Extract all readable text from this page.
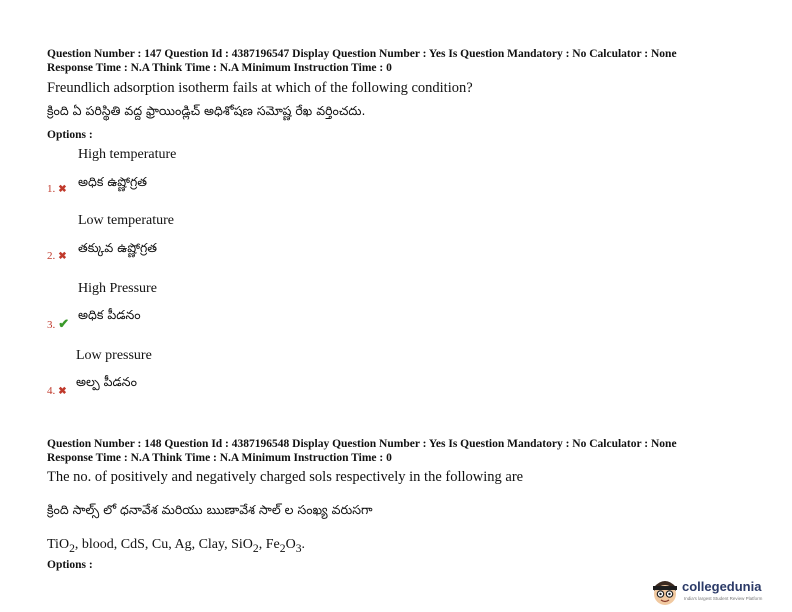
Question Number : 147 Question Id : 4387196547 Display Question Number : Yes Is Question Mandatory : No Calculator : None
Response Time : N.A Think Time : N.A Minimum Instruction Time : 0
Freundlich adsorption isotherm fails at which of the following condition?
క్రింది ఏ పరిస్థితి వద్ద ఫ్రాయిండ్లిచ్ అధిశోషణ సమోష్ణ రేఖ వర్తించదు.
Options :
High temperature
అధిక ఉష్ణోగ్రత
1. ✖
Low temperature
తక్కువ ఉష్ణోగ్రత
2. ✖
High Pressure
అధిక పీడనం
3. ✔
Low pressure
అల్ప పీడనం
4. ✖
Question Number : 148 Question Id : 4387196548 Display Question Number : Yes Is Question Mandatory : No Calculator : None
Response Time : N.A Think Time : N.A Minimum Instruction Time : 0
The no. of positively and negatively charged sols respectively in the following are
క్రింది సాల్స్ లో ధనావేశ మరియు ఋణావేశ సాల్ ల సంఖ్య వరుసగా
TiO$_2$, blood, CdS, Cu, Ag, Clay, SiO$_2$, $Fe_2O_3$.
Options :
collegedunia
India's largest Student Review Platform
